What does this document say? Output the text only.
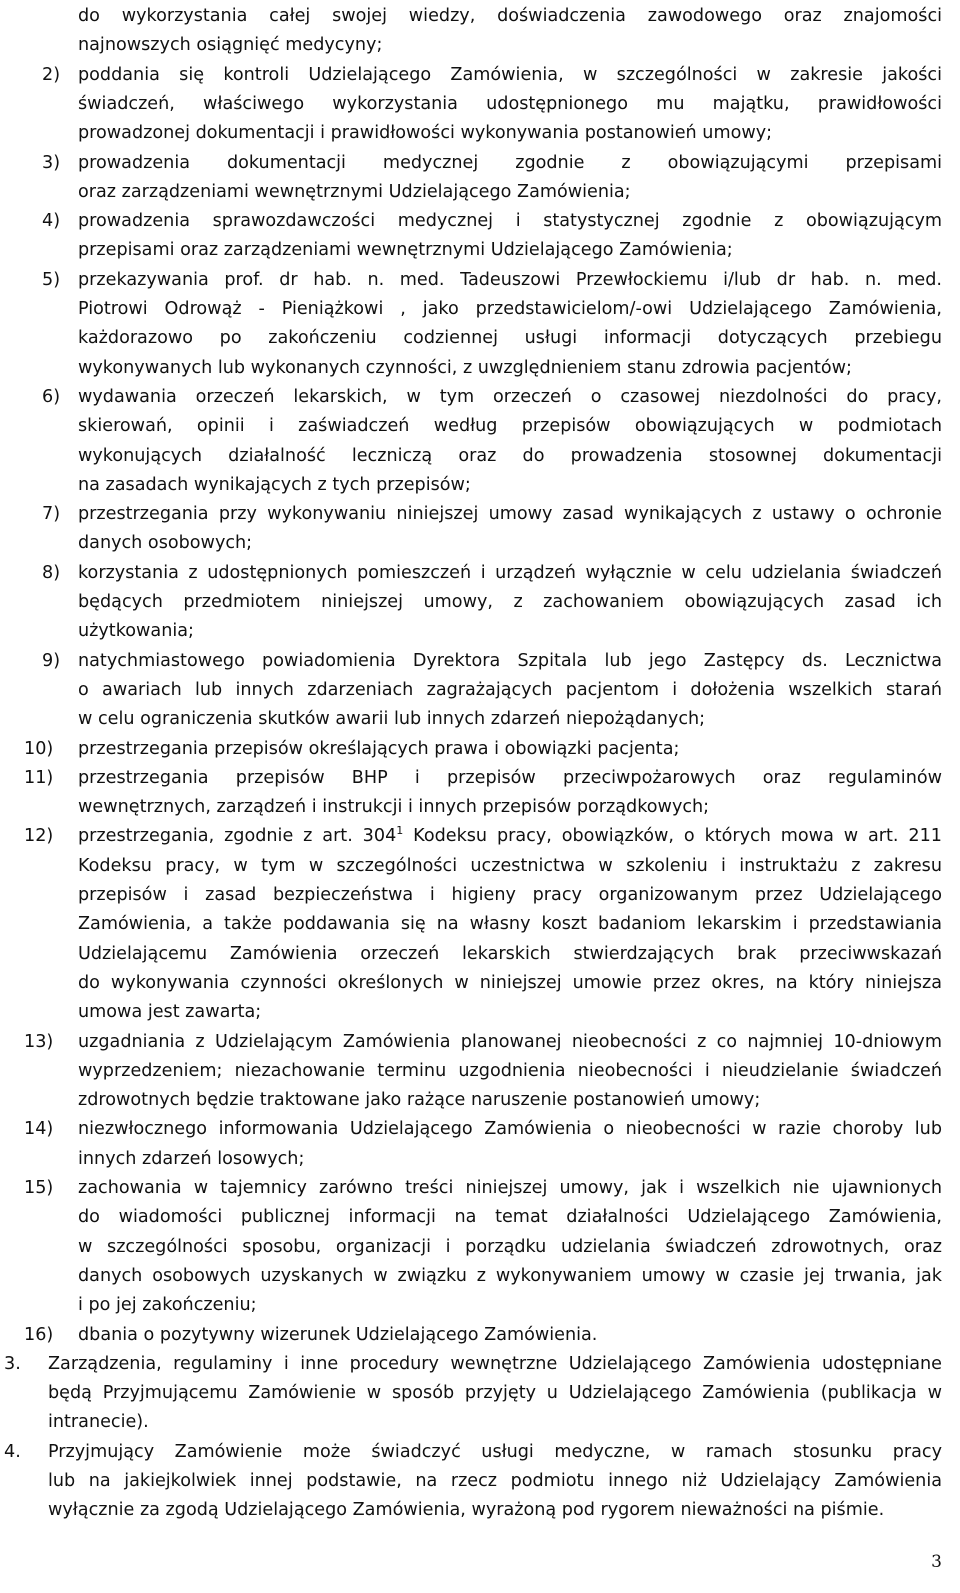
do wykorzystania całej swojej wiedzy, doświadczenia zawodowego oraz znajomości
najnowszych osiągnięć medycyny;
2) poddania się kontroli Udzielającego Zamówienia, w szczególności w zakresie jakości
świadczeń, właściwego wykorzystania udostępnionego mu majątku, prawidłowości
prowadzonej dokumentacji i prawidłowości wykonywania postanowień umowy;
3) prowadzenia dokumentacji medycznej zgodnie z obowiązującymi przepisami
oraz zarządzeniami wewnętrznymi Udzielającego Zamówienia;
4) prowadzenia sprawozdawczości medycznej i statystycznej zgodnie z obowiązującym
przepisami oraz zarządzeniami wewnętrznymi Udzielającego Zamówienia;
5) przekazywania prof. dr hab. n. med. Tadeuszowi Przewłockiemu i/lub dr hab. n. med.
Piotrowi Odrowąż - Pieniążkowi , jako przedstawicielom/-owi Udzielającego Zamówienia,
każdorazowo po zakończeniu codziennej usługi informacji dotyczących przebiegu
wykonywanych lub wykonanych czynności, z uwzględnieniem stanu zdrowia pacjentów;
6) wydawania orzeczeń lekarskich, w tym orzeczeń o czasowej niezdolności do pracy,
skierowań, opinii i zaświadczeń według przepisów obowiązujących w podmiotach
wykonujących działalność leczniczą oraz do prowadzenia stosownej dokumentacji
na zasadach wynikających z tych przepisów;
7) przestrzegania przy wykonywaniu niniejszej umowy zasad wynikających z ustawy o ochronie
danych osobowych;
8) korzystania z udostępnionych pomieszczeń i urządzeń wyłącznie w celu udzielania świadczeń
będących przedmiotem niniejszej umowy, z zachowaniem obowiązujących zasad ich
użytkowania;
9) natychmiastowego powiadomienia Dyrektora Szpitala lub jego Zastępcy ds. Lecznictwa
o awariach lub innych zdarzeniach zagrażających pacjentom i dołożenia wszelkich starań
w celu ograniczenia skutków awarii lub innych zdarzeń niepożądanych;
10) przestrzegania przepisów określających prawa i obowiązki pacjenta;
11) przestrzegania przepisów BHP i przepisów przeciwpożarowych oraz regulaminów
wewnętrznych, zarządzeń i instrukcji i innych przepisów porządkowych;
12) przestrzegania, zgodnie z art. $304^1$ Kodeksu pracy, obowiązków, o których mowa w art. 211
Kodeksu pracy, w tym w szczególności uczestnictwa w szkoleniu i instruktażu z zakresu
przepisów i zasad bezpieczeństwa i higieny pracy organizowanym przez Udzielającego
Zamówienia, a także poddawania się na własny koszt badaniom lekarskim i przedstawiania
Udzielającemu Zamówienia orzeczeń lekarskich stwierdzających brak przeciwwskazań
do wykonywania czynności określonych w niniejszej umowie przez okres, na który niniejsza
umowa jest zawarta;
13) uzgadniania z Udzielającym Zamówienia planowanej nieobecności z co najmniej 10-dniowym
wyprzedzeniem; niezachowanie terminu uzgodnienia nieobecności i nieudzielanie świadczeń
zdrowotnych będzie traktowane jako rażące naruszenie postanowień umowy;
14) niezwłocznego informowania Udzielającego Zamówienia o nieobecności w razie choroby lub
innych zdarzeń losowych;
15) zachowania w tajemnicy zarówno treści niniejszej umowy, jak i wszelkich nie ujawnionych
do wiadomości publicznej informacji na temat działalności Udzielającego Zamówienia,
w szczególności sposobu, organizacji i porządku udzielania świadczeń zdrowotnych, oraz
danych osobowych uzyskanych w związku z wykonywaniem umowy w czasie jej trwania, jak
i po jej zakończeniu;
16) dbania o pozytywny wizerunek Udzielającego Zamówienia.
3. Zarządzenia, regulaminy i inne procedury wewnętrzne Udzielającego Zamówienia udostępniane
będą Przyjmującemu Zamówienie w sposób przyjęty u Udzielającego Zamówienia (publikacja w
intranecie).
4. Przyjmujący Zamówienie może świadczyć usługi medyczne, w ramach stosunku pracy
lub na jakiejkolwiek innej podstawie, na rzecz podmiotu innego niż Udzielający Zamówienia
wyłącznie za zgodą Udzielającego Zamówienia, wyrażoną pod rygorem nieważności na piśmie.
3
